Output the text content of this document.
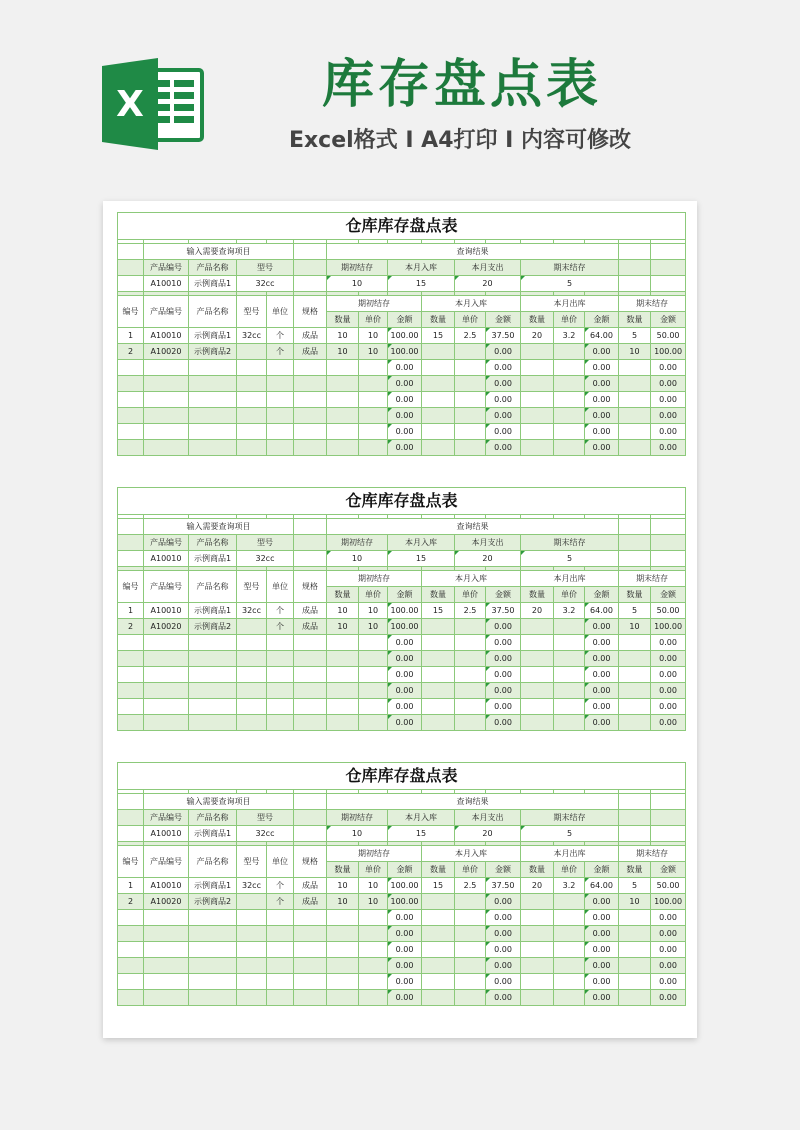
X	库存盘点表
Excel格式 I A4打印 I 内容可修改
仓库库存盘点表																

	输入需要查询项目					查询结果										
	产品编号	产品名称	型号			期初结存		本月入库		本月支出		期末结存				
	A10010	示例商品1	32cc			10		15		20		5				

编号	产品编号	产品名称	型号	单位	规格	期初结存			本月入库			本月出库			期末结存	
						数量	单价	金额	数量	单价	金额	数量	单价	金额	数量	金额
1	A10010	示例商品1	32cc	个	成品	10	10	100.00	15	2.5	37.50	20	3.2	64.00	5	50.00
2	A10020	示例商品2		个	成品	10	10	100.00			0.00			0.00	10	100.00
								0.00			0.00			0.00		0.00
								0.00			0.00			0.00		0.00
								0.00			0.00			0.00		0.00
								0.00			0.00			0.00		0.00
								0.00			0.00			0.00		0.00
								0.00			0.00			0.00		0.00
仓库库存盘点表																

	输入需要查询项目					查询结果										
	产品编号	产品名称	型号			期初结存		本月入库		本月支出		期末结存				
	A10010	示例商品1	32cc			10		15		20		5				

编号	产品编号	产品名称	型号	单位	规格	期初结存			本月入库			本月出库			期末结存	
						数量	单价	金额	数量	单价	金额	数量	单价	金额	数量	金额
1	A10010	示例商品1	32cc	个	成品	10	10	100.00	15	2.5	37.50	20	3.2	64.00	5	50.00
2	A10020	示例商品2		个	成品	10	10	100.00			0.00			0.00	10	100.00
								0.00			0.00			0.00		0.00
								0.00			0.00			0.00		0.00
								0.00			0.00			0.00		0.00
								0.00			0.00			0.00		0.00
								0.00			0.00			0.00		0.00
								0.00			0.00			0.00		0.00
仓库库存盘点表																

	输入需要查询项目					查询结果										
	产品编号	产品名称	型号			期初结存		本月入库		本月支出		期末结存				
	A10010	示例商品1	32cc			10		15		20		5				

编号	产品编号	产品名称	型号	单位	规格	期初结存			本月入库			本月出库			期末结存	
						数量	单价	金额	数量	单价	金额	数量	单价	金额	数量	金额
1	A10010	示例商品1	32cc	个	成品	10	10	100.00	15	2.5	37.50	20	3.2	64.00	5	50.00
2	A10020	示例商品2		个	成品	10	10	100.00			0.00			0.00	10	100.00
								0.00			0.00			0.00		0.00
								0.00			0.00			0.00		0.00
								0.00			0.00			0.00		0.00
								0.00			0.00			0.00		0.00
								0.00			0.00			0.00		0.00
								0.00			0.00			0.00		0.00
